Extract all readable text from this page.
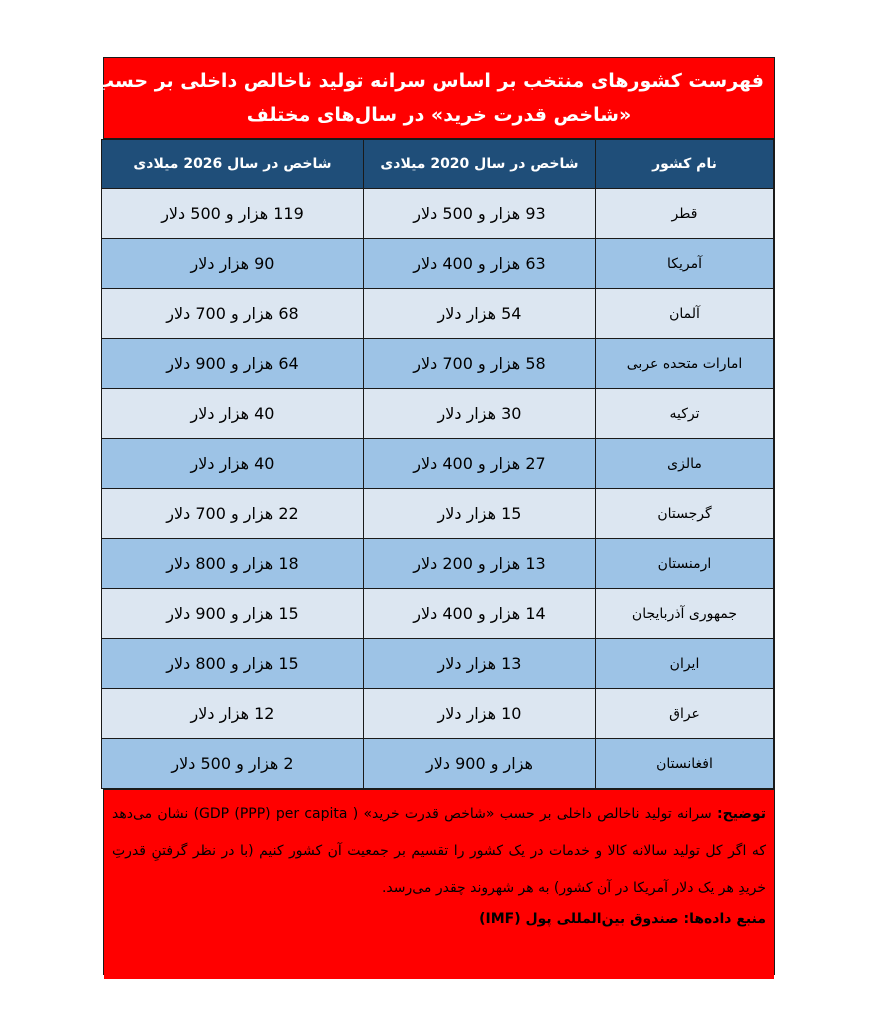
فهرست کشورهای منتخب بر اساس سرانه تولید ناخالص داخلی بر حسب
«شاخص قدرت خرید» در سال‌های مختلف
نام کشور	شاخص در سال 2020 میلادی	شاخص در سال 2026 میلادی
قطر	93 هزار و 500 دلار	119 هزار و 500 دلار
آمریکا	63 هزار و 400 دلار	90 هزار دلار
آلمان	54 هزار دلار	68 هزار و 700 دلار
امارات متحده عربی	58 هزار و 700 دلار	64 هزار و 900 دلار
ترکیه	30 هزار دلار	40 هزار دلار
مالزی	27 هزار و 400 دلار	40 هزار دلار
گرجستان	15 هزار دلار	22 هزار و 700 دلار
ارمنستان	13 هزار و 200 دلار	18 هزار و 800 دلار
جمهوری آذربایجان	14 هزار و 400 دلار	15 هزار و 900 دلار
ایران	13 هزار دلار	15 هزار و 800 دلار
عراق	10 هزار دلار	12 هزار دلار
افغانستان	هزار و 900 دلار	2 هزار و 500 دلار
توضیح: سرانه تولید ناخالص داخلی بر حسب «شاخص قدرت خرید» ( GDP (PPP) per capita) نشان می‌دهد که اگر کل تولید سالانه کالا و خدمات در یک کشور را تقسیم بر جمعیت آن کشور کنیم (با در نظر گرفتنِ قدرتِ خریدِ هر یک دلار آمریکا در آن کشور) به هر شهروند چقدر می‌رسد.
منبع داده‌ها: صندوق بین‌المللی پول (IMF)
